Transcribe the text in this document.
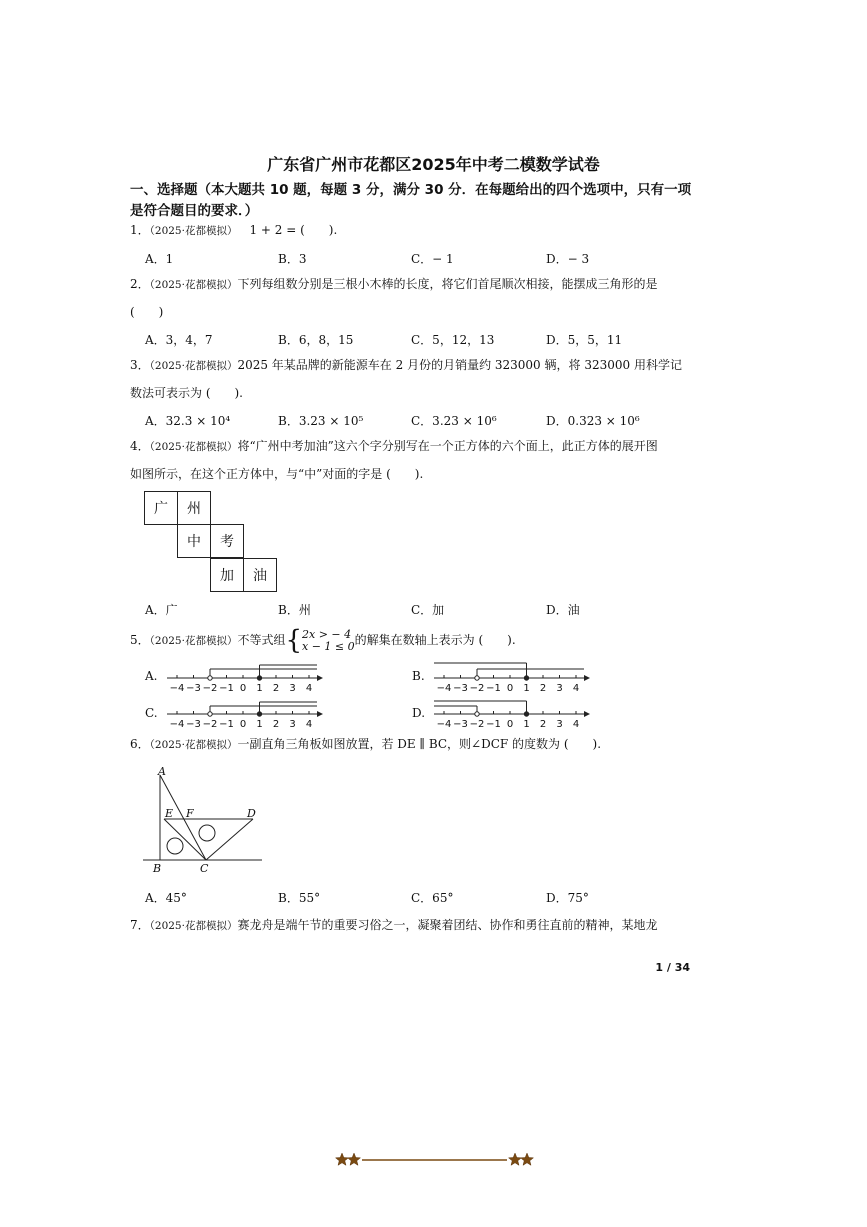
广东省广州市花都区2025年中考二模数学试卷
一、选择题（本大题共 10 题，每题 3 分，满分 30 分．在每题给出的四个选项中，只有一项
是符合题目的要求．）
1．（2025·花都模拟） 1 + 2 = (　　).
A．1	B．3	C．− 1	D．− 3
2．（2025·花都模拟）下列每组数分别是三根小木棒的长度，将它们首尾顺次相接，能摆成三角形的是
(　　)
A．3，4，7	B．6，8，15	C．5，12，13	D．5，5，11
3．（2025·花都模拟）2025 年某品牌的新能源车在 2 月份的月销量约 323000 辆，将 323000 用科学记
数法可表示为 (　　).
A．32.3 × 10⁴	B．3.23 × 10⁵	C．3.23 × 10⁶	D．0.323 × 10⁶
4．（2025·花都模拟）将“广州中考加油”这六个字分别写在一个正方体的六个面上，此正方体的展开图
如图所示，在这个正方体中，与“中”对面的字是 (　　).
广	州
中	考
加	油
A．广	B．州	C．加	D．油
5．（2025·花都模拟）不等式组{ 2x > − 4
x − 1 ≤ 0 的解集在数轴上表示为 (　　).
A.	B.
C.	D.
−4 −3 −2 −1 0 1 2 3 4	−4 −3 −2 −1 0 1 2 3 4
−4 −3 −2 −1 0 1 2 3 4	−4 −3 −2 −1 0 1 2 3 4
6．（2025·花都模拟）一副直角三角板如图放置，若 DE ∥ BC，则∠DCF 的度数为 (　　).
A
E F	D
B	C
A．45°	B．55°	C．65°	D．75°
7．（2025·花都模拟）赛龙舟是端午节的重要习俗之一，凝聚着团结、协作和勇往直前的精神，某地龙
1 / 34
